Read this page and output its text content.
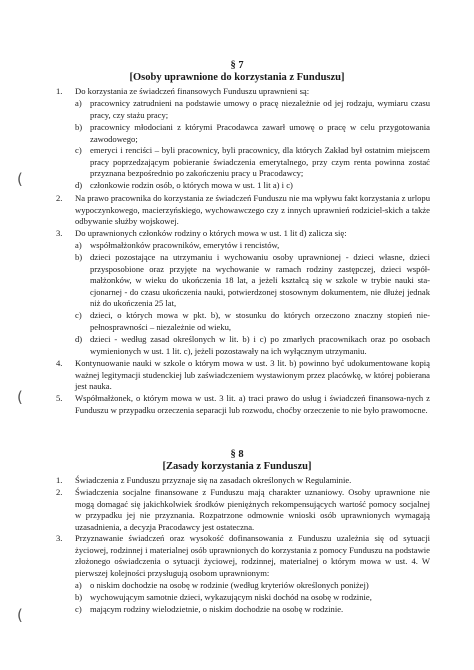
(
(
(
§ 7
[Osoby uprawnione do korzystania z Funduszu]
1. Do korzystania ze świadczeń finansowych Funduszu uprawnieni są:

a) pracownicy zatrudnieni na podstawie umowy o pracę niezależnie od jej rodzaju, wymiaru czasu pracy, czy stażu pracy;

b) pracownicy młodociani z którymi Pracodawca zawarł umowę o pracę w celu przygotowania zawodowego;

c) emeryci i renciści – byli pracownicy, byli pracownicy, dla których Zakład był ostatnim miejscem pracy poprzedzającym pobieranie świadczenia emerytalnego, przy czym renta powinna zostać przyznana bezpośrednio po zakończeniu pracy u Pracodawcy;

d) członkowie rodzin osób, o których mowa w ust. 1 lit a) i c)

2. Na prawo pracownika do korzystania ze świadczeń Funduszu nie ma wpływu fakt korzystania z urlopu wypoczynkowego, macierzyńskiego, wychowawczego czy z innych uprawnień rodziciel-skich a także odbywanie służby wojskowej.

3. Do uprawnionych członków rodziny o których mowa w ust. 1 lit d) zalicza się:

a) współmałżonków pracowników, emerytów i rencistów,

b) dzieci pozostające na utrzymaniu i wychowaniu osoby uprawnionej - dzieci własne, dzieci przysposobione oraz przyjęte na wychowanie w ramach rodziny zastępczej, dzieci współ-małżonków, w wieku do ukończenia 18 lat, a jeżeli kształcą się w szkole w trybie nauki sta-cjonarnej - do czasu ukończenia nauki, potwierdzonej stosownym dokumentem, nie dłużej jednak niż do ukończenia 25 lat,

c) dzieci, o których mowa w pkt. b), w stosunku do których orzeczono znaczny stopień nie-pełnosprawności – niezależnie od wieku,

d) dzieci - według zasad określonych w lit. b) i c) po zmarłych pracownikach oraz po osobach wymienionych w ust. 1 lit. c), jeżeli pozostawały na ich wyłącznym utrzymaniu.

4. Kontynuowanie nauki w szkole o którym mowa w ust. 3 lit. b) powinno być udokumentowane kopią ważnej legitymacji studenckiej lub zaświadczeniem wystawionym przez placówkę, w której pobierana jest nauka.

5. Współmałżonek, o którym mowa w ust. 3 lit. a) traci prawo do usług i świadczeń finansowa-nych z Funduszu w przypadku orzeczenia separacji lub rozwodu, choćby orzeczenie to nie było prawomocne.

§ 8
[Zasady korzystania z Funduszu]
1. Świadczenia z Funduszu przyznaje się na zasadach określonych w Regulaminie.

2. Świadczenia socjalne finansowane z Funduszu mają charakter uznaniowy. Osoby uprawnione nie mogą domagać się jakichkolwiek środków pieniężnych rekompensujących wartość pomocy socjalnej w przypadku jej nie przyznania. Rozpatrzone odmownie wnioski osób uprawnionych wymagają uzasadnienia, a decyzja Pracodawcy jest ostateczna.

3. Przyznawanie świadczeń oraz wysokość dofinansowania z Funduszu uzależnia się od sytuacji życiowej, rodzinnej i materialnej osób uprawnionych do korzystania z pomocy Funduszu na podstawie złożonego oświadczenia o sytuacji życiowej, rodzinnej, materialnej o którym mowa w ust. 4. W pierwszej kolejności przysługują osobom uprawnionym:

a) o niskim dochodzie na osobę w rodzinie (według kryteriów określonych poniżej)

b) wychowującym samotnie dzieci, wykazującym niski dochód na osobę w rodzinie,

c) mającym rodziny wielodzietnie, o niskim dochodzie na osobę w rodzinie.
